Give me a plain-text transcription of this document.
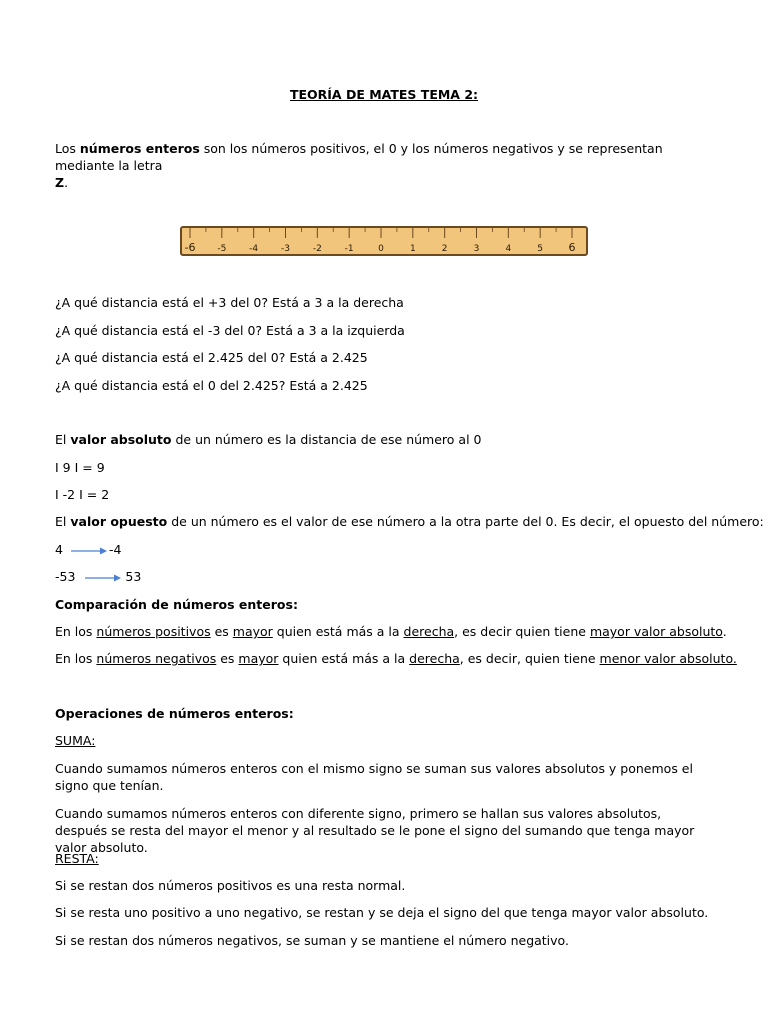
TEORÍA DE MATES TEMA 2:

Los números enteros son los números positivos, el 0 y los números negativos y se representan mediante la letra
Z.

-6 -5	-4	-3	-2	-1	0	1	2	3	4	5 6

¿A qué distancia está el +3 del 0? Está a 3 a la derecha

¿A qué distancia está el -3 del 0? Está a 3 a la izquierda

¿A qué distancia está el 2.425 del 0? Está a 2.425

¿A qué distancia está el 0 del 2.425? Está a 2.425

El valor absoluto de un número es la distancia de ese número al 0

I 9 I = 9

I -2 I = 2

El valor opuesto de un número es el valor de ese número a la otra parte del 0. Es decir, el opuesto del número:

4	-4

-53	53

Comparación de números enteros:

En los números positivos es mayor quien está más a la derecha, es decir quien tiene mayor valor absoluto.

En los números negativos es mayor quien está más a la derecha, es decir, quien tiene menor valor absoluto.

Operaciones de números enteros:

SUMA:

Cuando sumamos números enteros con el mismo signo se suman sus valores absolutos y ponemos el signo que tenían.

Cuando sumamos números enteros con diferente signo, primero se hallan sus valores absolutos, después se resta del mayor el menor y al resultado se le pone el signo del sumando que tenga mayor valor absoluto.

RESTA:

Si se restan dos números positivos es una resta normal.

Si se resta uno positivo a uno negativo, se restan y se deja el signo del que tenga mayor valor absoluto.

Si se restan dos números negativos, se suman y se mantiene el número negativo.
